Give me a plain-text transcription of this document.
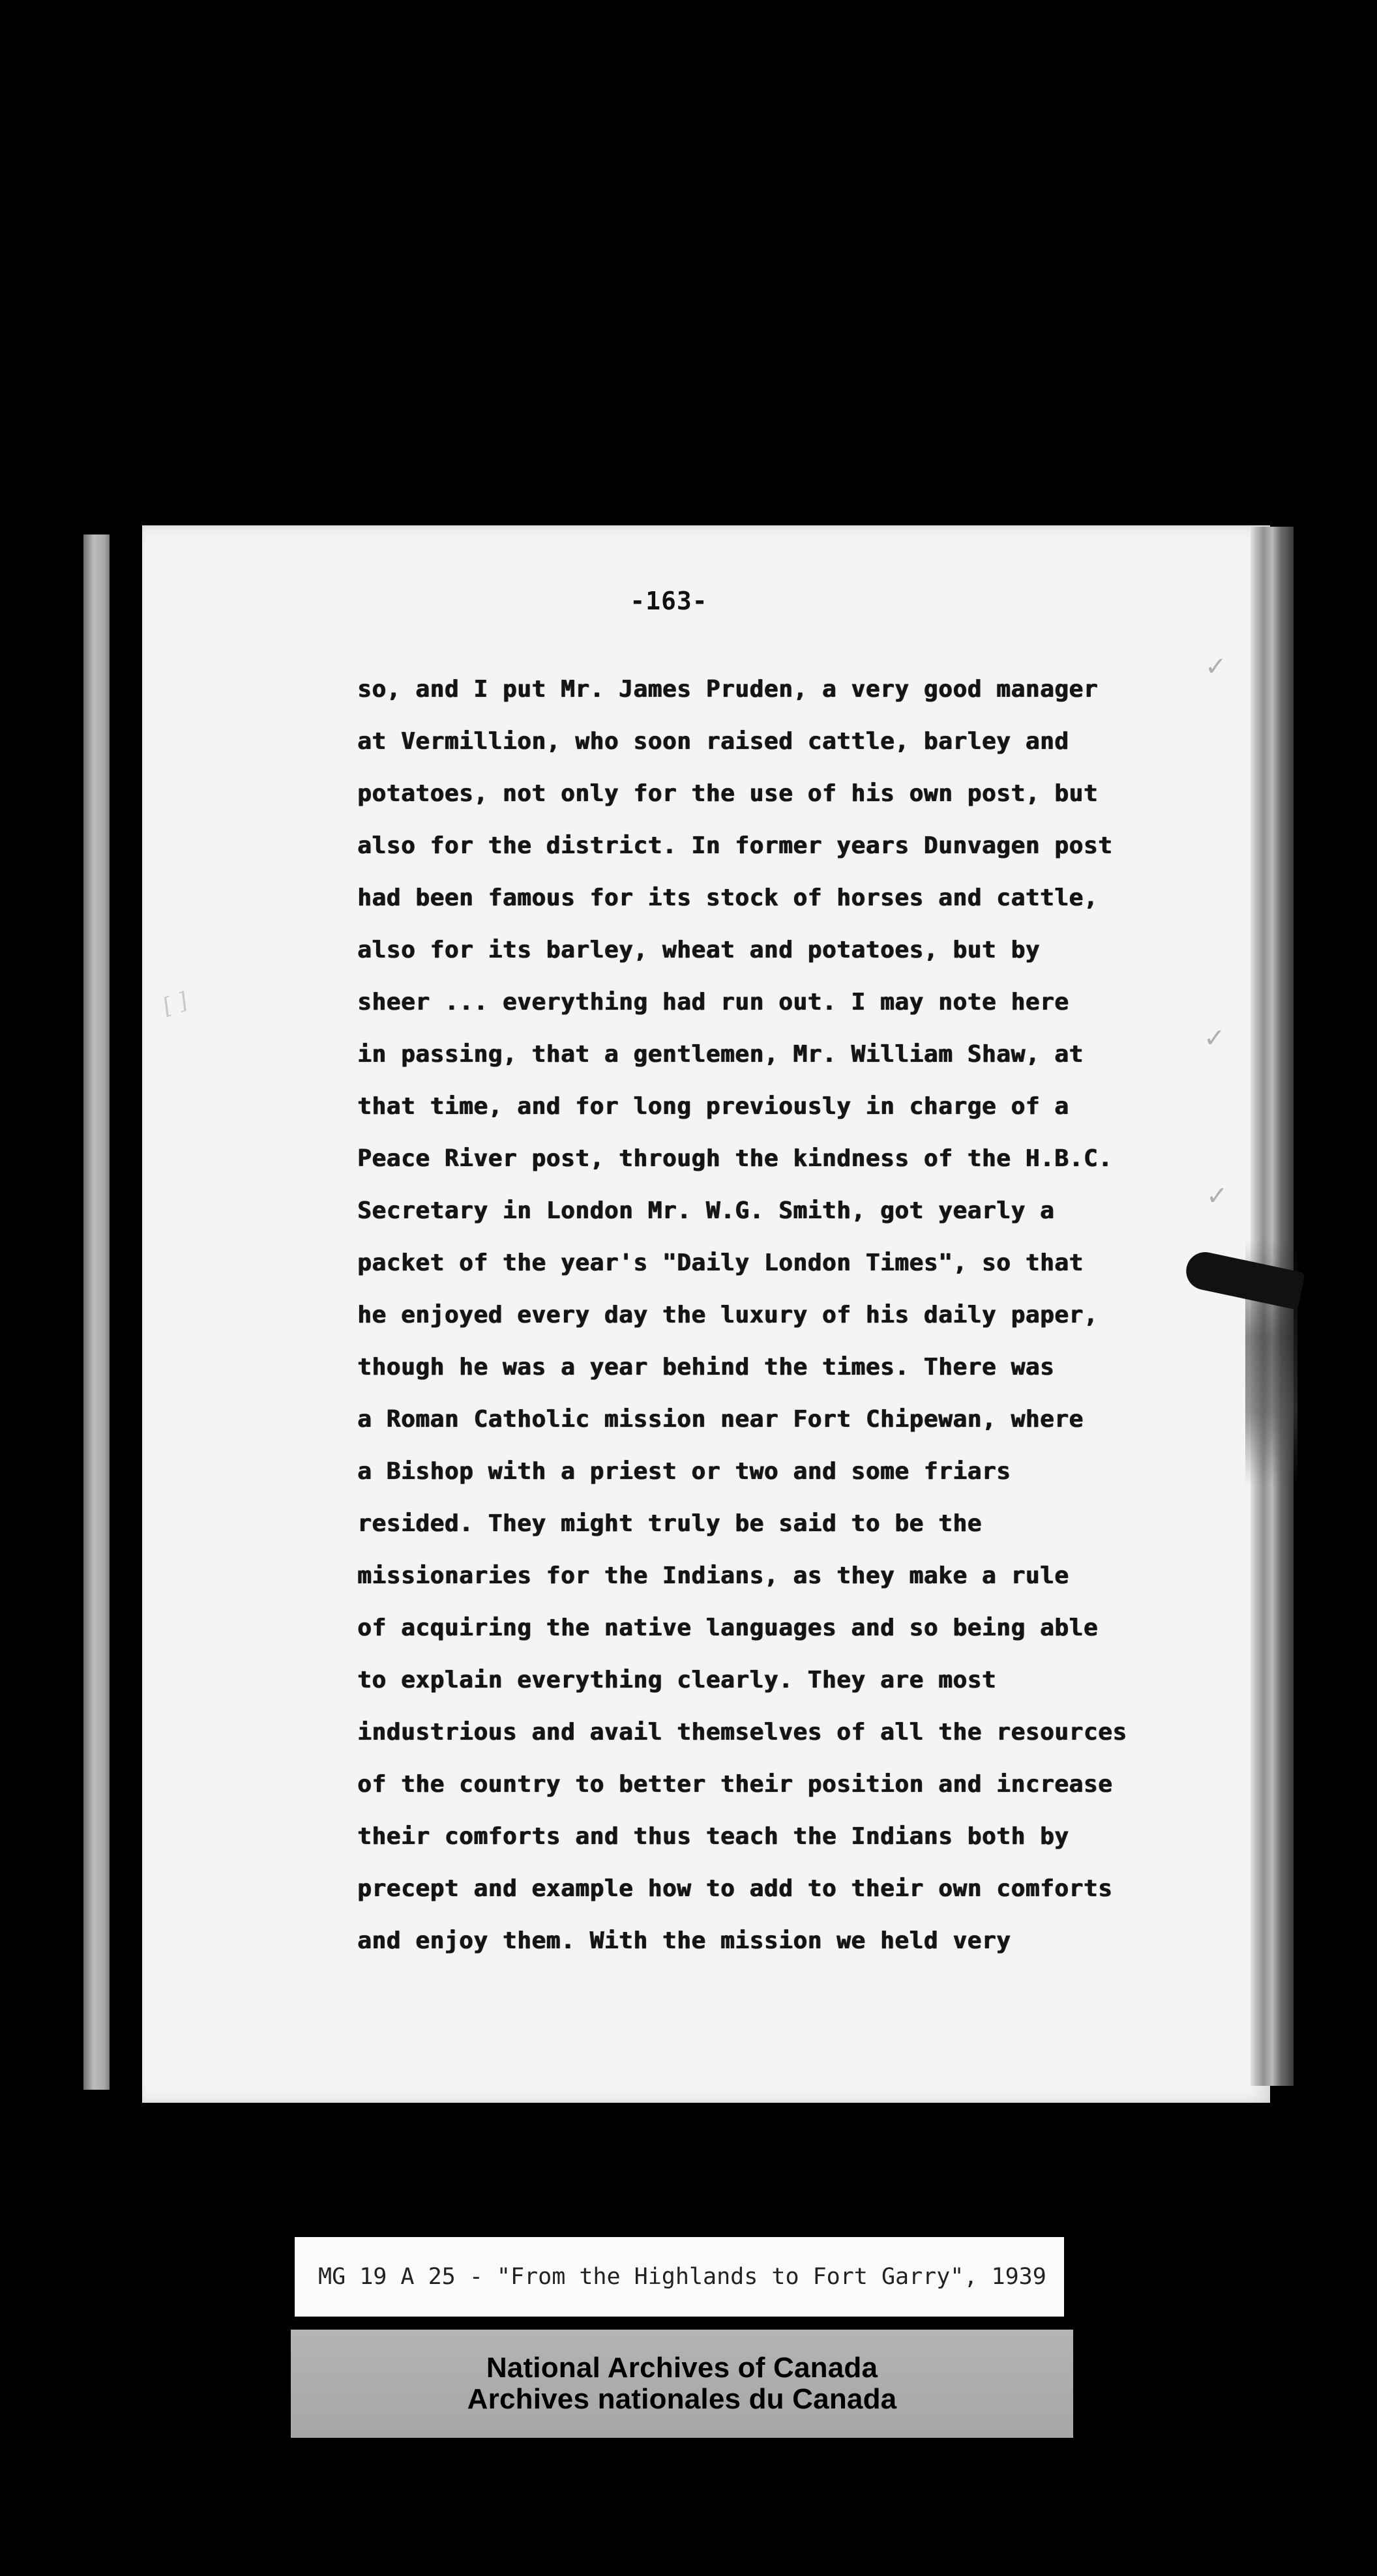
-163-
[ ]
✓
✓
✓
so, and I put Mr. James Pruden, a very good manager
at Vermillion, who soon raised cattle, barley and
potatoes, not only for the use of his own post, but
also for the district. In former years Dunvagen post
had been famous for its stock of horses and cattle,
also for its barley, wheat and potatoes, but by
sheer ... everything had run out. I may note here
in passing, that a gentlemen, Mr. William Shaw, at
that time, and for long previously in charge of a
Peace River post, through the kindness of the H.B.C.
Secretary in London Mr. W.G. Smith, got yearly a
packet of the year's "Daily London Times", so that
he enjoyed every day the luxury of his daily paper,
though he was a year behind the times. There was
a Roman Catholic mission near Fort Chipewan, where
a Bishop with a priest or two and some friars
resided. They might truly be said to be the
missionaries for the Indians, as they make a rule
of acquiring the native languages and so being able
to explain everything clearly. They are most
industrious and avail themselves of all the resources
of the country to better their position and increase
their comforts and thus teach the Indians both by
precept and example how to add to their own comforts
and enjoy them. With the mission we held very
MG 19 A 25 - "From the Highlands to Fort Garry", 1939
National Archives of Canada
Archives nationales du Canada
